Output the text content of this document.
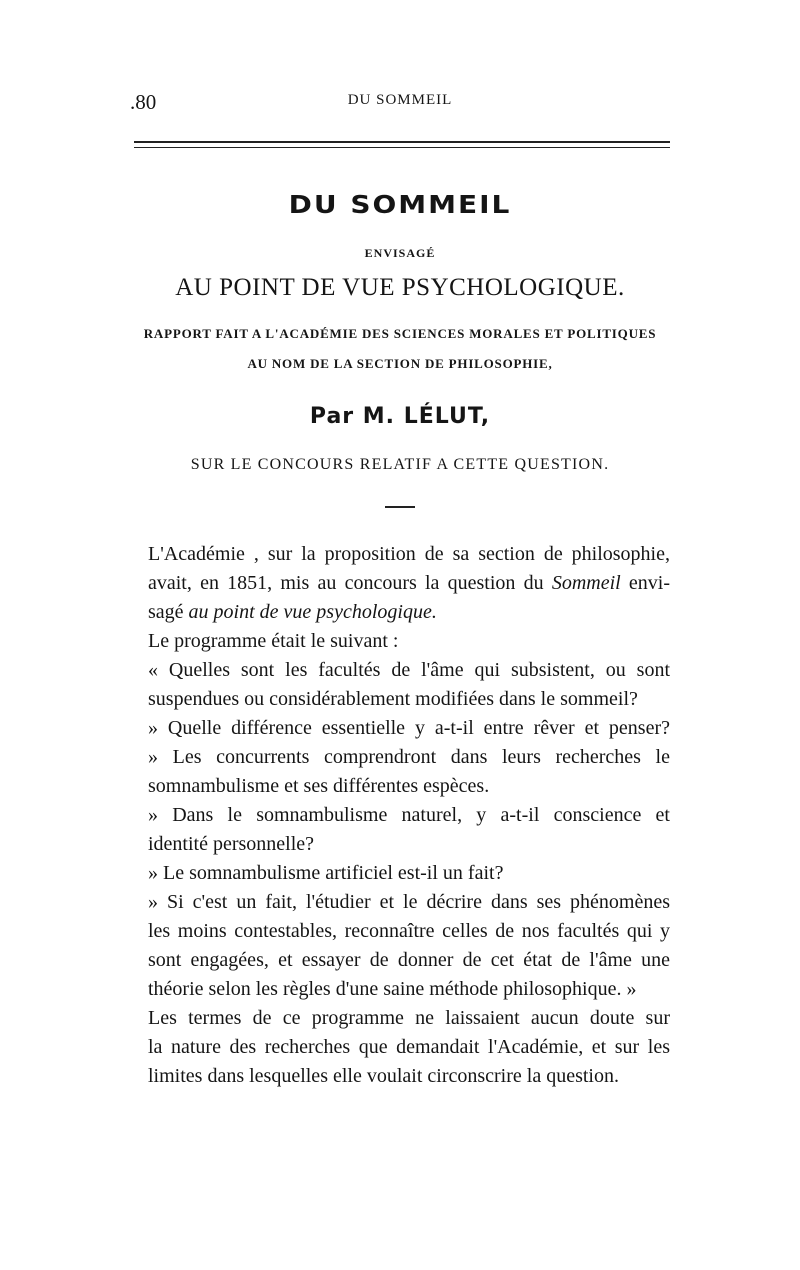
.80	DU SOMMEIL
DU SOMMEIL
ENVISAGÉ
AU POINT DE VUE PSYCHOLOGIQUE.
RAPPORT FAIT A L'ACADÉMIE DES SCIENCES MORALES ET POLITIQUES
AU NOM DE LA SECTION DE PHILOSOPHIE,
Par M. LÉLUT,
SUR LE CONCOURS RELATIF A CETTE QUESTION.

L'Académie , sur la proposition de sa section de philosophie,
avait, en 1851, mis au concours la question du Sommeil envi-
sagé au point de vue psychologique.

Le programme était le suivant :

« Quelles sont les facultés de l'âme qui subsistent, ou sont
suspendues ou considérablement modifiées dans le sommeil?

» Quelle différence essentielle y a-t-il entre rêver et penser?

» Les concurrents comprendront dans leurs recherches le
somnambulisme et ses différentes espèces.

» Dans le somnambulisme naturel, y a-t-il conscience et
identité personnelle?

» Le somnambulisme artificiel est-il un fait?

» Si c'est un fait, l'étudier et le décrire dans ses phénomènes
les moins contestables, reconnaître celles de nos facultés qui y
sont engagées, et essayer de donner de cet état de l'âme une
théorie selon les règles d'une saine méthode philosophique. »

Les termes de ce programme ne laissaient aucun doute sur
la nature des recherches que demandait l'Académie, et sur les
limites dans lesquelles elle voulait circonscrire la question.
